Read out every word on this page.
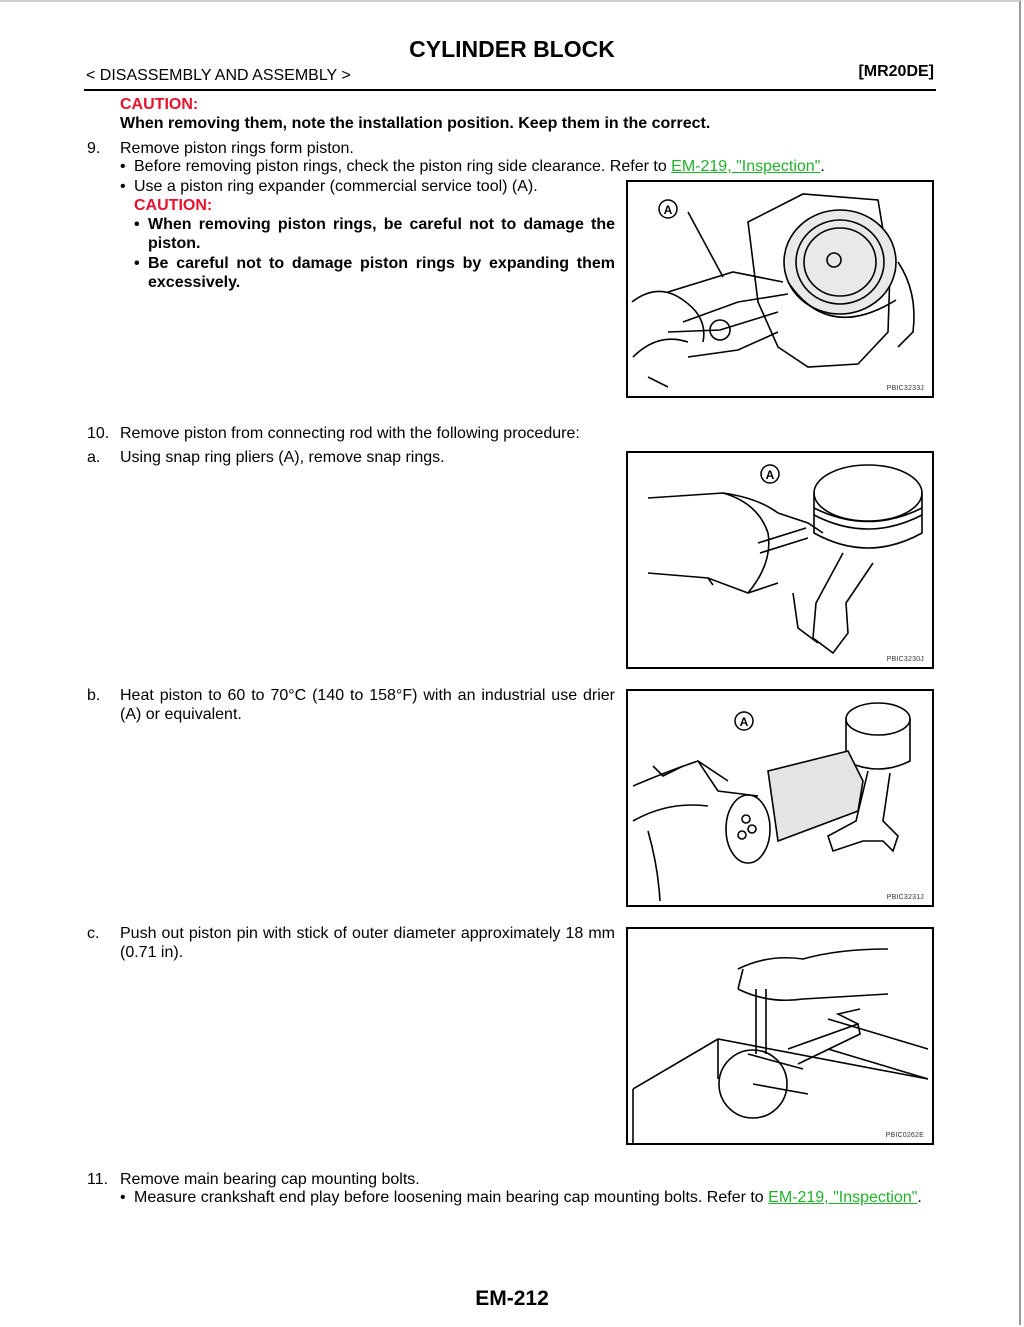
CYLINDER BLOCK
< DISASSEMBLY AND ASSEMBLY >	[MR20DE]
CAUTION:
When removing them, note the installation position. Keep them in the correct.
9.	Remove piston rings form piston.
• Before removing piston rings, check the piston ring side clearance. Refer to EM-219, "Inspection".
• Use a piston ring expander (commercial service tool) (A).
CAUTION:
• When removing piston rings, be careful not to damage the piston.
• Be careful not to damage piston rings by expanding them excessively.
A
PBIC3233J
10. Remove piston from connecting rod with the following procedure:
a.	Using snap ring pliers (A), remove snap rings.
A
PBIC3230J
b.	Heat piston to 60 to 70°C (140 to 158°F) with an industrial use drier (A) or equivalent.	A
PBIC3231J
c.	Push out piston pin with stick of outer diameter approximately 18 mm (0.71 in).
PBIC0262E
11. Remove main bearing cap mounting bolts.
• Measure crankshaft end play before loosening main bearing cap mounting bolts. Refer to EM-219, "Inspection".
EM-212
